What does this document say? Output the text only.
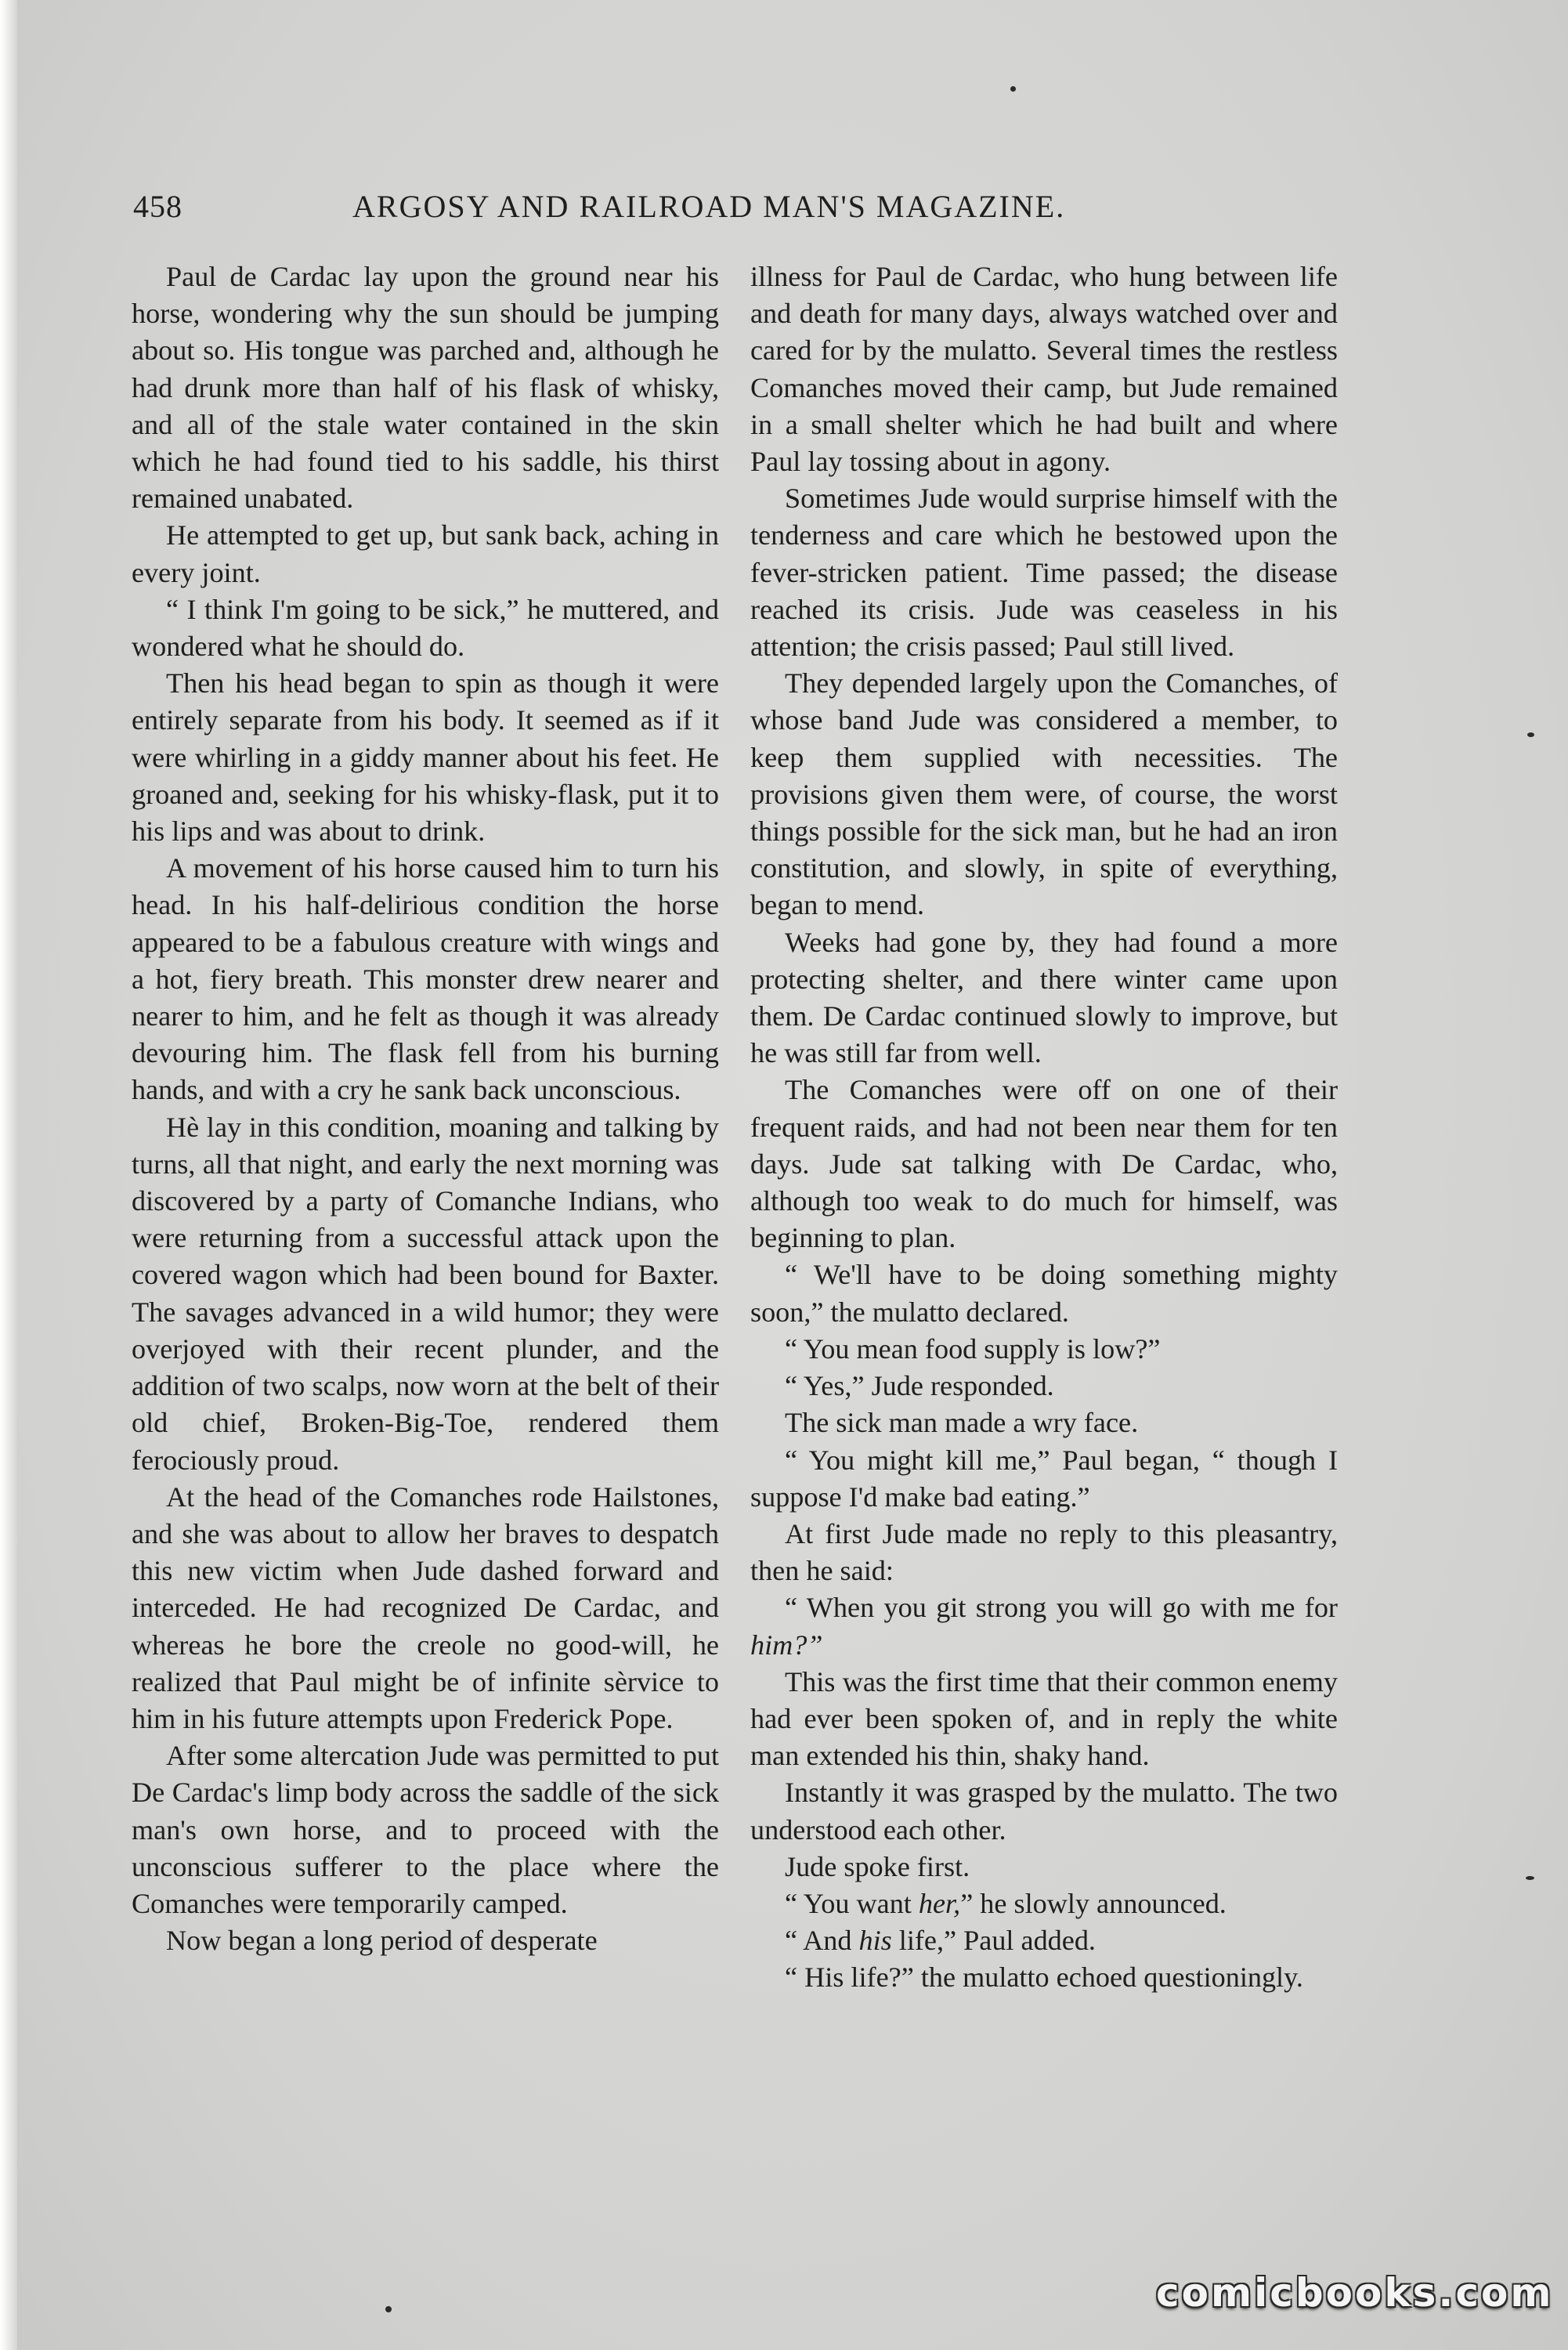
458	ARGOSY AND RAILROAD MAN'S MAGAZINE.

Paul de Cardac lay upon the ground near his horse, wondering why the sun should be jumping about so. His tongue was parched and, although he had drunk more than half of his flask of whisky, and all of the stale water contained in the skin which he had found tied to his saddle, his thirst remained unabated.

He attempted to get up, but sank back, aching in every joint.

“ I think I'm going to be sick,” he muttered, and wondered what he should do.

Then his head began to spin as though it were entirely separate from his body. It seemed as if it were whirling in a giddy manner about his feet. He groaned and, seeking for his whisky-flask, put it to his lips and was about to drink.

A movement of his horse caused him to turn his head. In his half-delirious condition the horse appeared to be a fabulous creature with wings and a hot, fiery breath. This monster drew nearer and nearer to him, and he felt as though it was already devouring him. The flask fell from his burning hands, and with a cry he sank back unconscious.

Hè lay in this condition, moaning and talking by turns, all that night, and early the next morning was discovered by a party of Comanche Indians, who were returning from a successful attack upon the covered wagon which had been bound for Baxter. The savages advanced in a wild humor; they were overjoyed with their recent plunder, and the addition of two scalps, now worn at the belt of their old chief, Broken-Big-Toe, rendered them ferociously proud.

At the head of the Comanches rode Hailstones, and she was about to allow her braves to despatch this new victim when Jude dashed forward and interceded. He had recognized De Cardac, and whereas he bore the creole no good-will, he realized that Paul might be of infinite sèrvice to him in his future attempts upon Frederick Pope.

After some altercation Jude was permitted to put De Cardac's limp body across the saddle of the sick man's own horse, and to proceed with the unconscious sufferer to the place where the Comanches were temporarily camped.

Now began a long period of desperate

illness for Paul de Cardac, who hung between life and death for many days, always watched over and cared for by the mulatto. Several times the restless Comanches moved their camp, but Jude remained in a small shelter which he had built and where Paul lay tossing about in agony.

Sometimes Jude would surprise himself with the tenderness and care which he bestowed upon the fever-stricken patient. Time passed; the disease reached its crisis. Jude was ceaseless in his attention; the crisis passed; Paul still lived.

They depended largely upon the Comanches, of whose band Jude was considered a member, to keep them supplied with necessities. The provisions given them were, of course, the worst things possible for the sick man, but he had an iron constitution, and slowly, in spite of everything, began to mend.

Weeks had gone by, they had found a more protecting shelter, and there winter came upon them. De Cardac continued slowly to improve, but he was still far from well.

The Comanches were off on one of their frequent raids, and had not been near them for ten days. Jude sat talking with De Cardac, who, although too weak to do much for himself, was beginning to plan.

“ We'll have to be doing something mighty soon,” the mulatto declared.

“ You mean food supply is low?”

“ Yes,” Jude responded.

The sick man made a wry face.

“ You might kill me,” Paul began, “ though I suppose I'd make bad eating.”

At first Jude made no reply to this pleasantry, then he said:

“ When you git strong you will go with me for him?”

This was the first time that their common enemy had ever been spoken of, and in reply the white man extended his thin, shaky hand.

Instantly it was grasped by the mulatto. The two understood each other.

Jude spoke first.

“ You want her,” he slowly announced.

“ And his life,” Paul added.

“ His life?” the mulatto echoed questioningly.

comicbooks.com
